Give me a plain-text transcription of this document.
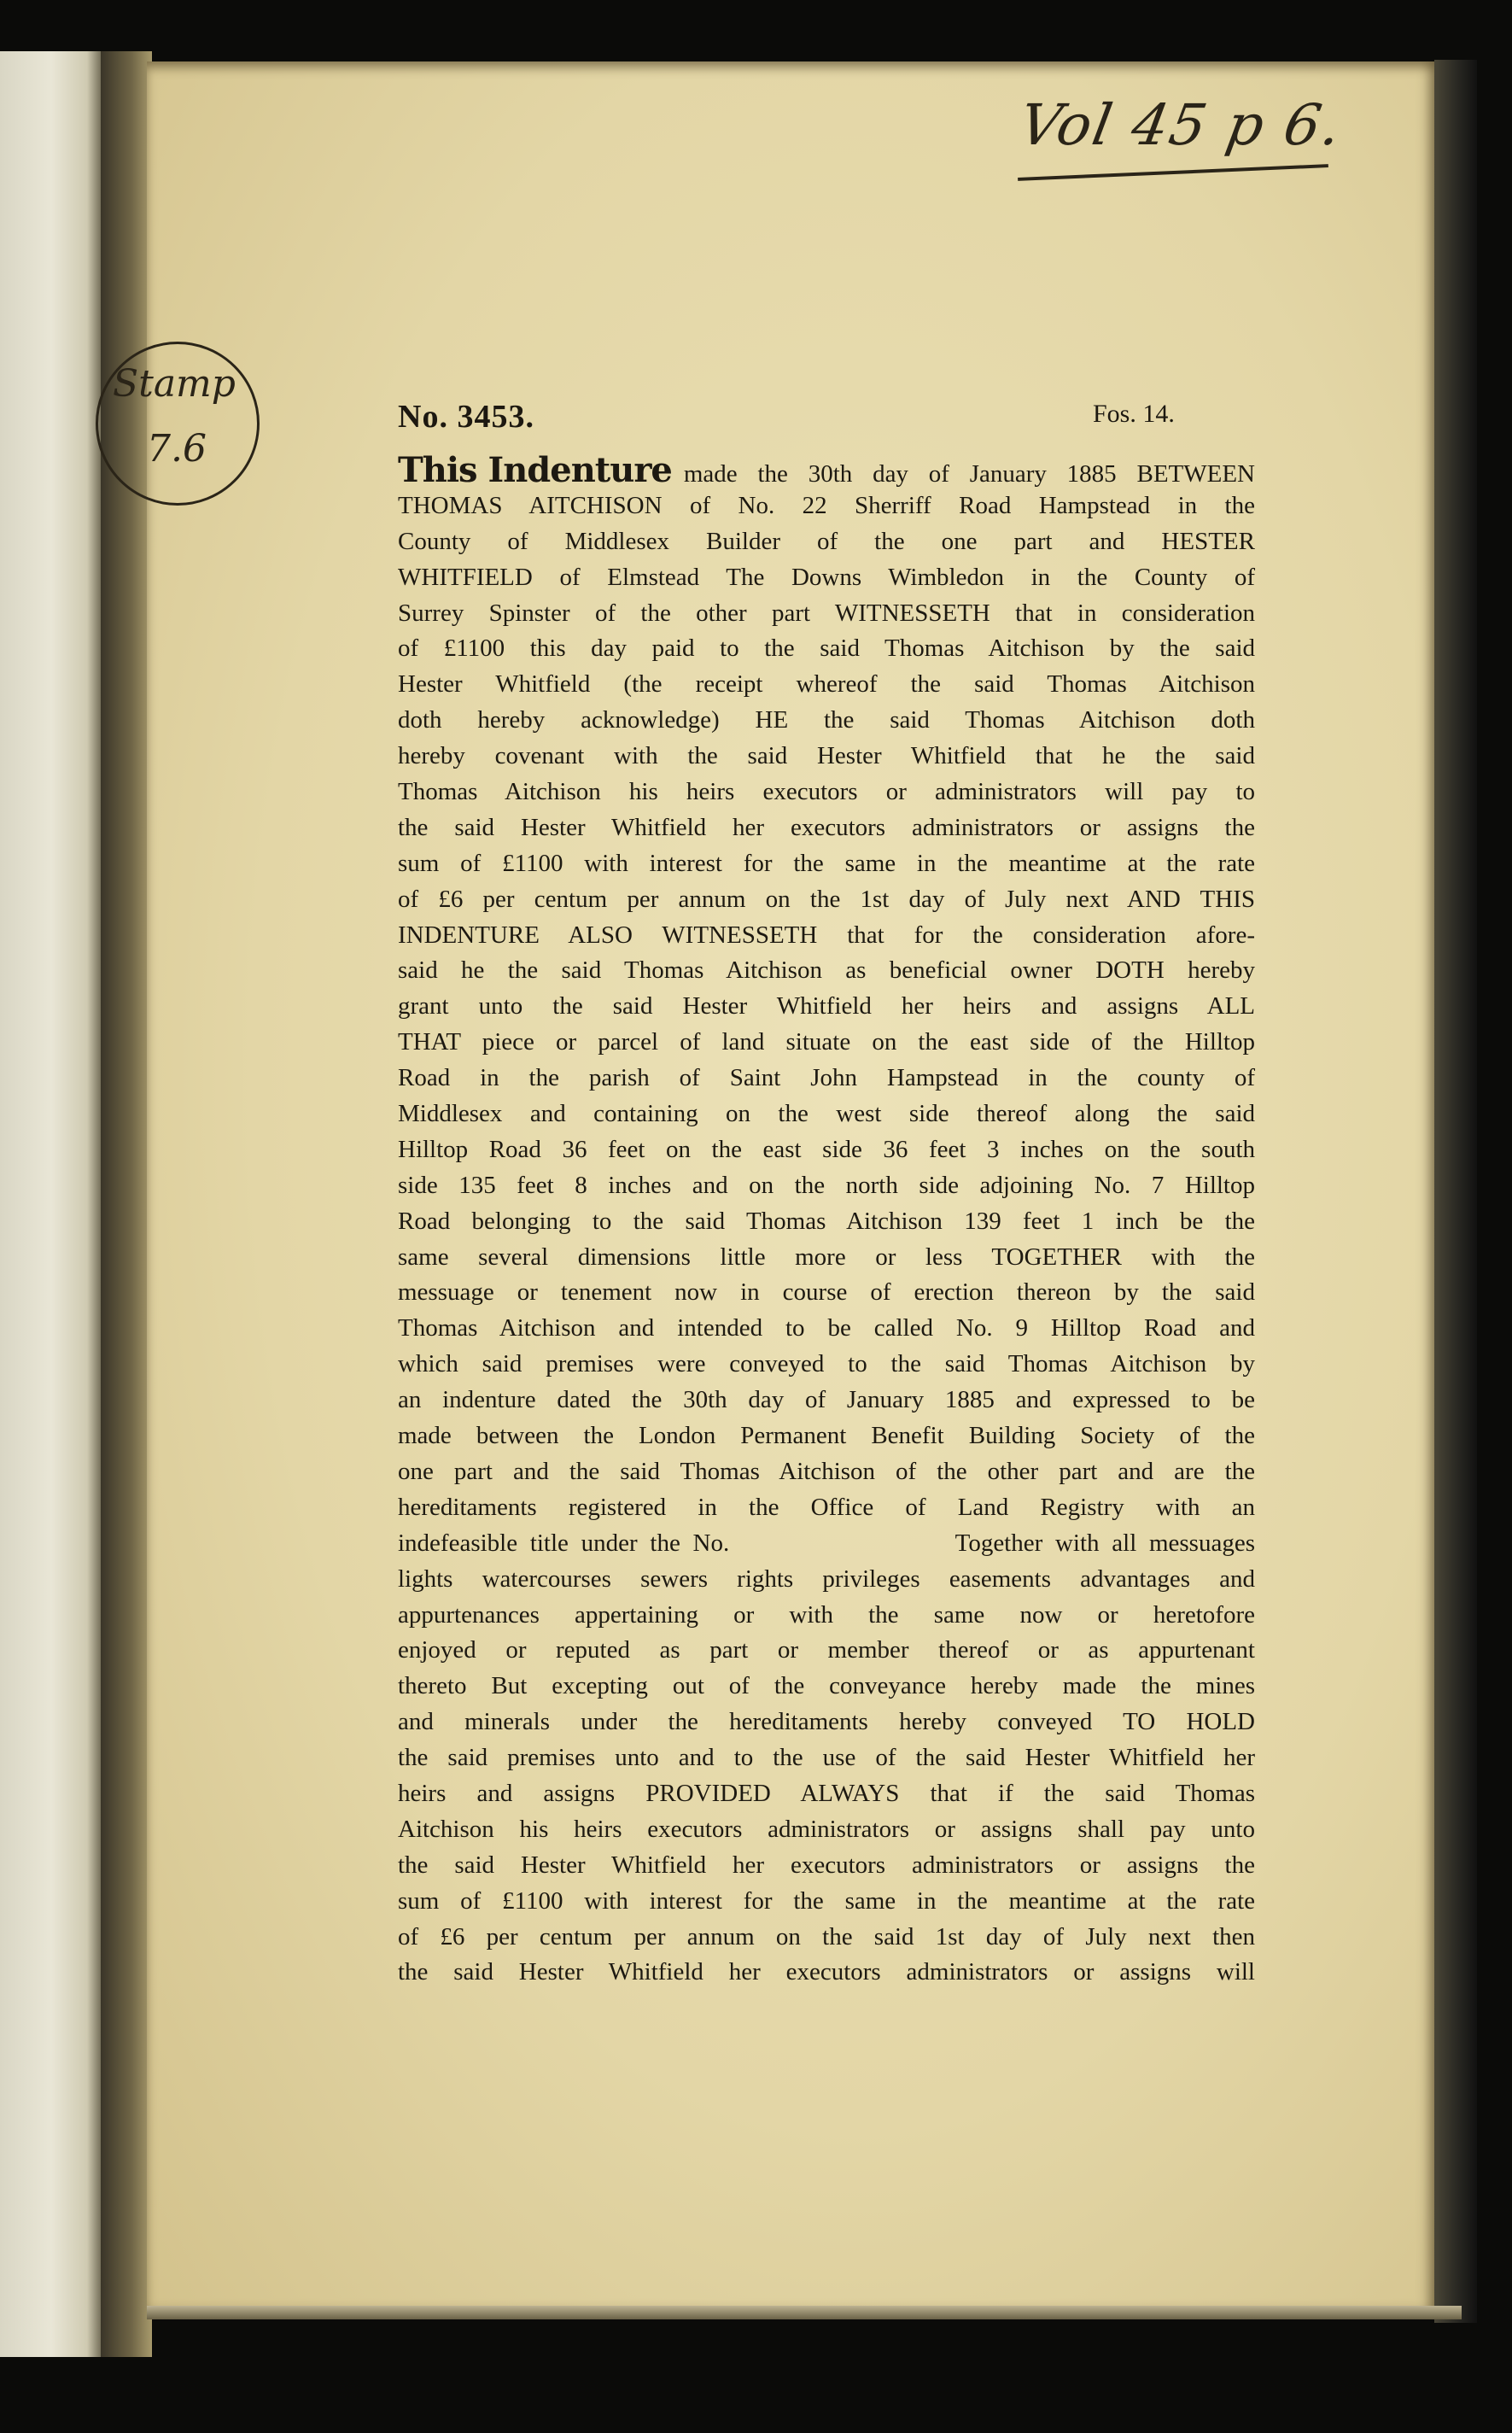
Vol 45 p 6.
Stamp
7.6
No. 3453.	Fos. 14.
This Indenture made the 30th day of January 1885 BETWEEN
THOMAS AITCHISON of No. 22 Sherriff Road Hampstead in the
County of Middlesex Builder of the one part and HESTER
WHITFIELD of Elmstead The Downs Wimbledon in the County of
Surrey Spinster of the other part WITNESSETH that in consideration
of £1100 this day paid to the said Thomas Aitchison by the said
Hester Whitfield (the receipt whereof the said Thomas Aitchison
doth hereby acknowledge) HE the said Thomas Aitchison doth
hereby covenant with the said Hester Whitfield that he the said
Thomas Aitchison his heirs executors or administrators will pay to
the said Hester Whitfield her executors administrators or assigns the
sum of £1100 with interest for the same in the meantime at the rate
of £6 per centum per annum on the 1st day of July next AND THIS
INDENTURE ALSO WITNESSETH that for the consideration afore-
said he the said Thomas Aitchison as beneficial owner DOTH hereby
grant unto the said Hester Whitfield her heirs and assigns ALL
THAT piece or parcel of land situate on the east side of the Hilltop
Road in the parish of Saint John Hampstead in the county of
Middlesex and containing on the west side thereof along the said
Hilltop Road 36 feet on the east side 36 feet 3 inches on the south
side 135 feet 8 inches and on the north side adjoining No. 7 Hilltop
Road belonging to the said Thomas Aitchison 139 feet 1 inch be the
same several dimensions little more or less TOGETHER with the
messuage or tenement now in course of erection thereon by the said
Thomas Aitchison and intended to be called No. 9 Hilltop Road and
which said premises were conveyed to the said Thomas Aitchison by
an indenture dated the 30th day of January 1885 and expressed to be
made between the London Permanent Benefit Building Society of the
one part and the said Thomas Aitchison of the other part and are the
hereditaments registered in the Office of Land Registry with an
indefeasible title under the No.                  Together with all messuages
lights watercourses sewers rights privileges easements advantages and
appurtenances appertaining or with the same now or heretofore
enjoyed or reputed as part or member thereof or as appurtenant
thereto But excepting out of the conveyance hereby made the mines
and minerals under the hereditaments hereby conveyed TO HOLD
the said premises unto and to the use of the said Hester Whitfield her
heirs and assigns PROVIDED ALWAYS that if the said Thomas
Aitchison his heirs executors administrators or assigns shall pay unto
the said Hester Whitfield her executors administrators or assigns the
sum of £1100 with interest for the same in the meantime at the rate
of £6 per centum per annum on the said 1st day of July next then
the said Hester Whitfield her executors administrators or assigns will
